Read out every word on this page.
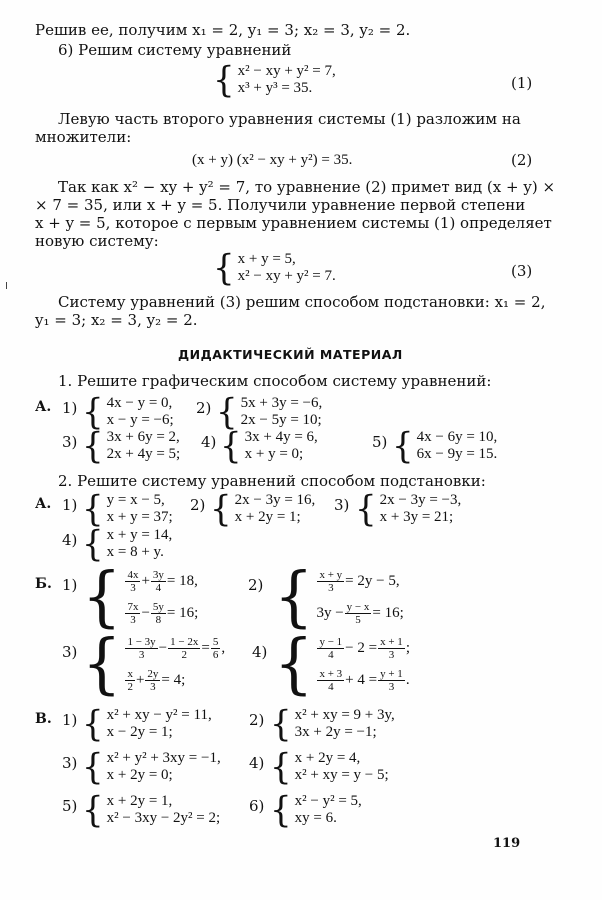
Решив ее, получим x₁ = 2, y₁ = 3; x₂ = 3, y₂ = 2.
6) Решим систему уравнений
{ x² − xy + y² = 7,
x³ + y³ = 35.	(1)
Левую часть второго уравнения системы (1) разложим на
множители:
(x + y) (x² − xy + y²) = 35.	(2)
Так как x² − xy + y² = 7, то уравнение (2) примет вид (x + y) ×
× 7 = 35, или x + y = 5. Получили уравнение первой степени
x + y = 5, которое с первым уравнением системы (1) определяет
новую систему:
{ x + y = 5,
x² − xy + y² = 7.	(3)
Систему уравнений (3) решим способом подстановки: x₁ = 2,
y₁ = 3; x₂ = 3, y₂ = 2.
ДИДАКТИЧЕСКИЙ МАТЕРИАЛ
1. Решите графическим способом систему уравнений:
А. 1) { 4x − y = 0,
x − y = −6;
2) { 5x + 3y = −6,
2x − 5y = 10;
3) { 3x + 6y = 2,
2x + 4y = 5;
4) { 3x + 4y = 6,
x + y = 0;
5) { 4x − 6y = 10,
6x − 9y = 15.
2. Решите систему уравнений способом подстановки:
А. 1) { y = x − 5,
x + y = 37;
2) { 2x − 3y = 16,
x + 2y = 1;
3) { 2x − 3y = −3,
x + 3y = 21;
4) { x + y = 14,
x = 8 + y.
Б. 1) { $\frac{4x}{3} + \frac{3y}{4} = 18$,
$\frac{7x}{3} - \frac{5y}{8} = 16$;
2) { $\frac{x + y}{3} = 2y - 5$,
$3y - \frac{y - x}{5} = 16$;
3) { $\frac{1 - 3y}{3} - \frac{1 - 2x}{2} = \frac{5}{6}$ ,
$\frac{x}{2} + \frac{2y}{3} = 4$;
4) { $\frac{y - 1}{4} - 2 = \frac{x + 1}{3}$ ;
$\frac{x + 3}{4} + 4 = \frac{y + 1}{3}$ .
В. 1) { x² + xy − y² = 11,
x − 2y = 1;
2) { x² + xy = 9 + 3y,
3x + 2y = −1;
3) { x² + y² + 3xy = −1,
x + 2y = 0;
4) { x + 2y = 4,
x² + xy = y − 5;
5) { x + 2y = 1,
x² − 3xy − 2y² = 2;
6) { x² − y² = 5,
xy = 6.
119
